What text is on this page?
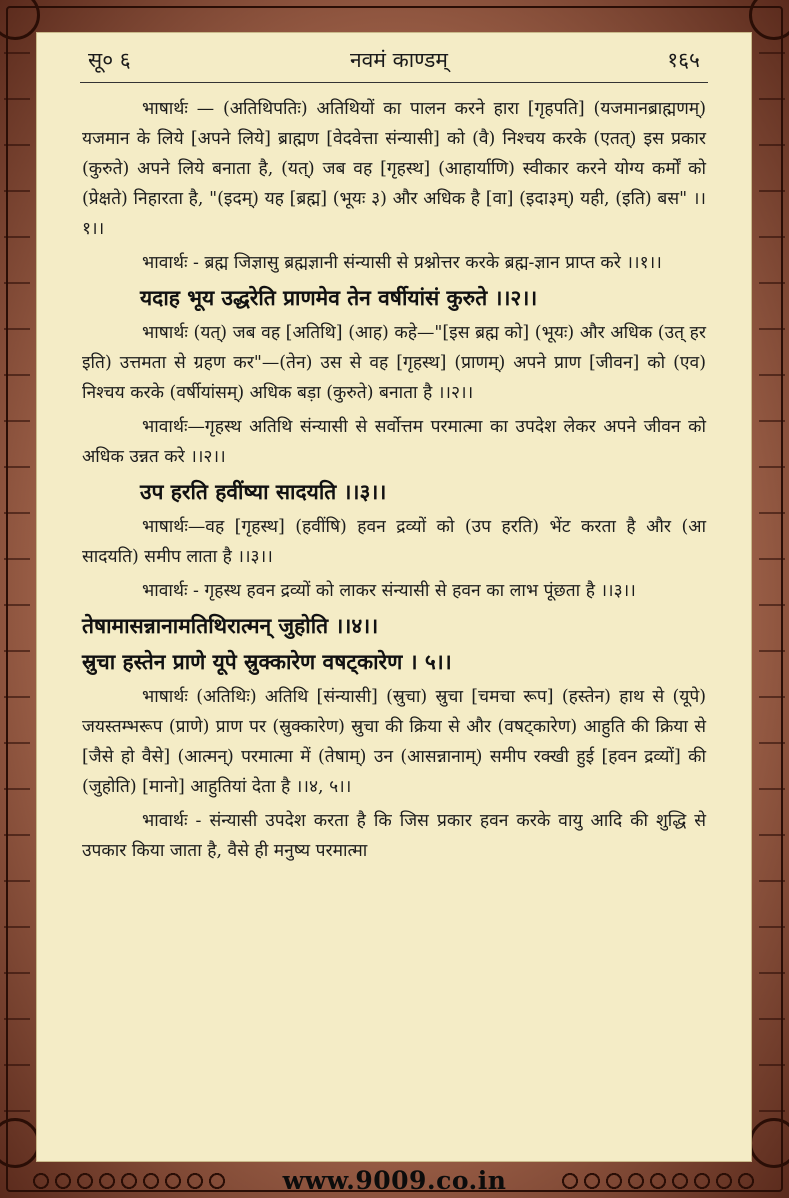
सू० ६	नवमं काण्डम्	१६५

भाषार्थः — (अतिथिपतिः) अतिथियों का पालन करने हारा [गृहपति] (यजमानब्राह्मणम्) यजमान के लिये [अपने लिये] ब्राह्मण [वेदवेत्ता संन्यासी] को (वै) निश्चय करके (एतत्) इस प्रकार (कुरुते) अपने लिये बनाता है, (यत्) जब वह [गृहस्थ] (आहार्याणि) स्वीकार करने योग्य कर्मों को (प्रेक्षते) निहारता है, "(इदम्) यह [ब्रह्म] (भूयः ३) और अधिक है [वा] (इदा३म्) यही, (इति) बस" ।।१।।

भावार्थः - ब्रह्म जिज्ञासु ब्रह्मज्ञानी संन्यासी से प्रश्नोत्तर करके ब्रह्म-ज्ञान प्राप्त करे ।।१।।

यदाह भूय उद्धरेति प्राणमेव तेन वर्षीयांसं कुरुते ।।२।।

भाषार्थः (यत्) जब वह [अतिथि] (आह) कहे—"[इस ब्रह्म को] (भूयः) और अधिक (उत् हर इति) उत्तमता से ग्रहण कर"—(तेन) उस से वह [गृहस्थ] (प्राणम्) अपने प्राण [जीवन] को (एव) निश्चय करके (वर्षीयांसम्) अधिक बड़ा (कुरुते) बनाता है ।।२।।

भावार्थः—गृहस्थ अतिथि संन्यासी से सर्वोत्तम परमात्मा का उपदेश लेकर अपने जीवन को अधिक उन्नत करे ।।२।।

उप हरति हवींष्या सादयति ।।३।।

भाषार्थः—वह [गृहस्थ] (हवींषि) हवन द्रव्यों को (उप हरति) भेंट करता है और (आ सादयति) समीप लाता है ।।३।।

भावार्थः - गृहस्थ हवन द्रव्यों को लाकर संन्यासी से हवन का लाभ पूंछता है ।।३।।

तेषामासन्नानामतिथिरात्मन् जुहोति ।।४।।

स्रुचा हस्तेन प्राणे यूपे स्रुक्कारेण वषट्कारेण । ५।।

भाषार्थः (अतिथिः) अतिथि [संन्यासी] (स्रुचा) स्रुचा [चमचा रूप] (हस्तेन) हाथ से (यूपे) जयस्तम्भरूप (प्राणे) प्राण पर (स्रुक्कारेण) स्रुचा की क्रिया से और (वषट्कारेण) आहुति की क्रिया से [जैसे हो वैसे] (आत्मन्) परमात्मा में (तेषाम्) उन (आसन्नानाम्) समीप रक्खी हुई [हवन द्रव्यों] की (जुहोति) [मानो] आहुतियां देता है ।।४, ५।।

भावार्थः - संन्यासी उपदेश करता है कि जिस प्रकार हवन करके वायु आदि की शुद्धि से उपकार किया जाता है, वैसे ही मनुष्य परमात्मा

www.9009.co.in
